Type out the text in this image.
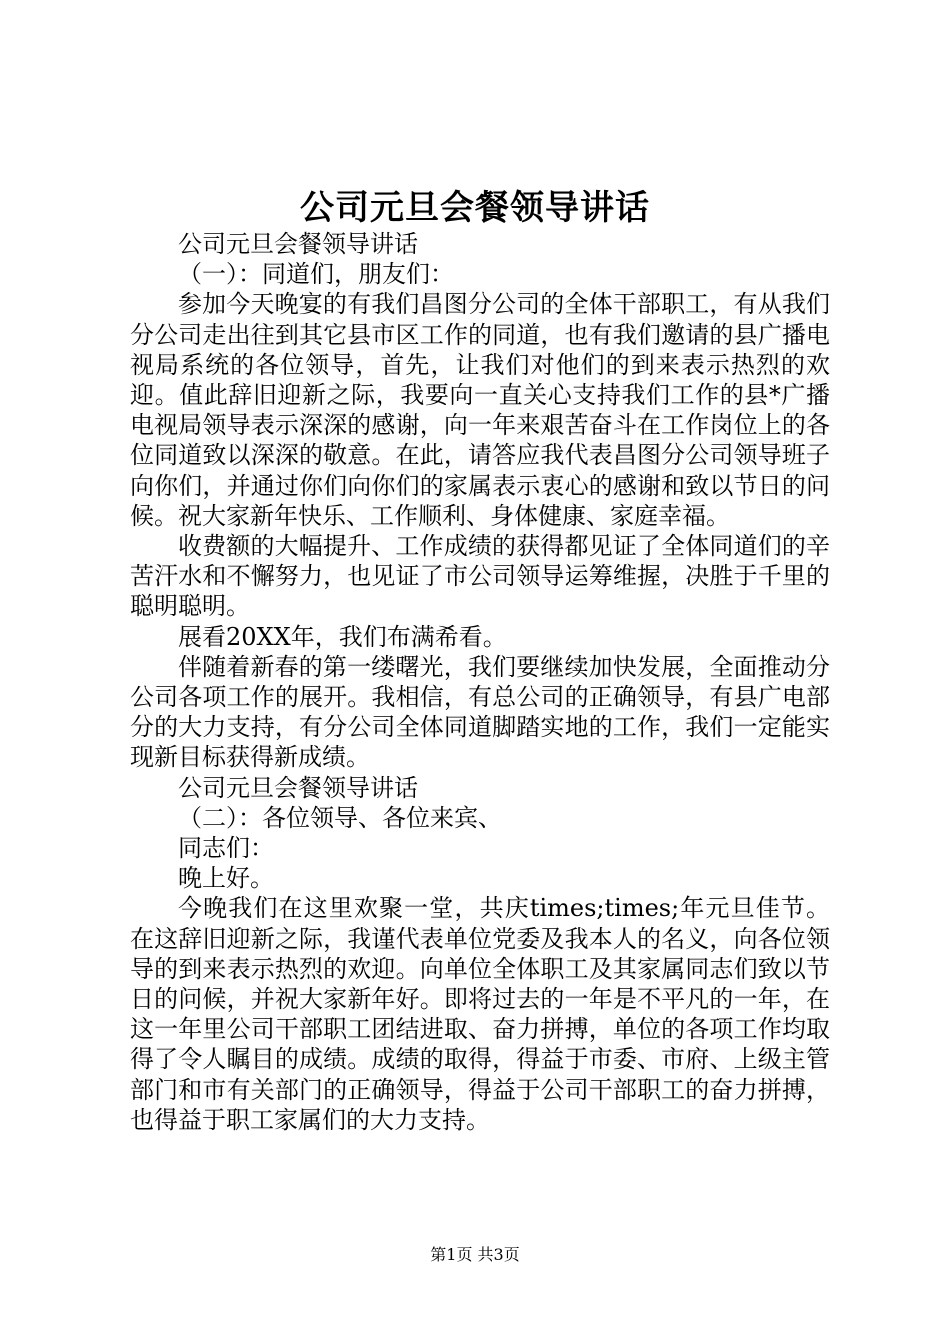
公司元旦会餐领导讲话

公司元旦会餐领导讲话

（一）：同道们，朋友们：

参加今天晚宴的有我们昌图分公司的全体干部职工，有从我们分公司走出往到其它县市区工作的同道，也有我们邀请的县广播电视局系统的各位领导，首先，让我们对他们的到来表示热烈的欢迎。值此辞旧迎新之际，我要向一直关心支持我们工作的县*广播电视局领导表示深深的感谢，向一年来艰苦奋斗在工作岗位上的各位同道致以深深的敬意。在此，请答应我代表昌图分公司领导班子向你们，并通过你们向你们的家属表示衷心的感谢和致以节日的问候。祝大家新年快乐、工作顺利、身体健康、家庭幸福。

收费额的大幅提升、工作成绩的获得都见证了全体同道们的辛苦汗水和不懈努力，也见证了市公司领导运筹维握，决胜于千里的聪明聪明。

展看20XX年，我们布满希看。

伴随着新春的第一缕曙光，我们要继续加快发展，全面推动分公司各项工作的展开。我相信，有总公司的正确领导，有县广电部分的大力支持，有分公司全体同道脚踏实地的工作，我们一定能实现新目标获得新成绩。

公司元旦会餐领导讲话

（二）：各位领导、各位来宾、

同志们：

晚上好。

今晚我们在这里欢聚一堂，共庆times;times;年元旦佳节。在这辞旧迎新之际，我谨代表单位党委及我本人的名义，向各位领导的到来表示热烈的欢迎。向单位全体职工及其家属同志们致以节日的问候，并祝大家新年好。即将过去的一年是不平凡的一年，在这一年里公司干部职工团结进取、奋力拼搏，单位的各项工作均取得了令人瞩目的成绩。成绩的取得，得益于市委、市府、上级主管部门和市有关部门的正确领导，得益于公司干部职工的奋力拼搏，也得益于职工家属们的大力支持。

第1页 共3页
